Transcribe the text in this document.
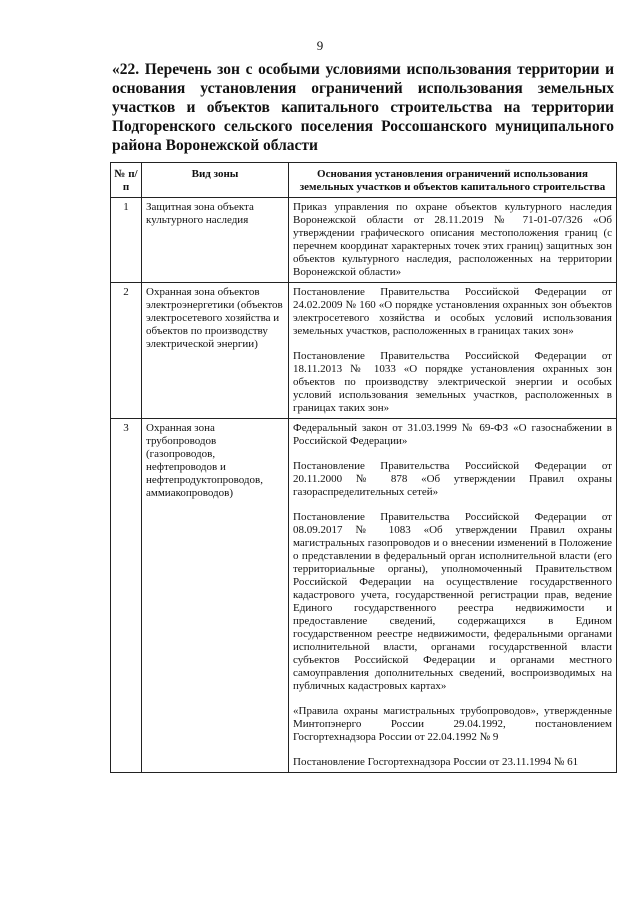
9
«22. Перечень зон с особыми условиями использования территории и основания установления ограничений использования земельных участков и объектов капитального строительства на территории Подгоренского сельского поселения Россошанского муниципального района Воронежской области
№ п/п	Вид зоны	Основания установления ограничений использования земельных участков и объектов капитального строительства
1	Защитная зона объекта культурного наследия	Приказ управления по охране объектов культурного наследия Воронежской области от 28.11.2019 № 71-01-07/326 «Об утверждении графического описания местоположения границ (с перечнем координат характерных точек этих границ) защитных зон объектов культурного наследия, расположенных на территории Воронежской области»

2	Охранная зона объектов электроэнергетики (объектов электросетевого хозяйства и объектов по производству электрической энергии)	Постановление Правительства Российской Федерации от 24.02.2009 № 160 «О порядке установления охранных зон объектов электросетевого хозяйства и особых условий использования земельных участков, расположенных в границах таких зон»

Постановление Правительства Российской Федерации от 18.11.2013 № 1033 «О порядке установления охранных зон объектов по производству электрической энергии и особых условий использования земельных участков, расположенных в границах таких зон»

3	Охранная зона трубопроводов (газопроводов, нефтепроводов и нефтепродуктопроводов, аммиакопроводов)	Федеральный закон от 31.03.1999 № 69-ФЗ «О газоснабжении в Российской Федерации»

Постановление Правительства Российской Федерации от 20.11.2000 № 878 «Об утверждении Правил охраны газораспределительных сетей»

Постановление Правительства Российской Федерации от 08.09.2017 № 1083 «Об утверждении Правил охраны магистральных газопроводов и о внесении изменений в Положение о представлении в федеральный орган исполнительной власти (его территориальные органы), уполномоченный Правительством Российской Федерации на осуществление государственного кадастрового учета, государственной регистрации прав, ведение Единого государственного реестра недвижимости и предоставление сведений, содержащихся в Едином государственном реестре недвижимости, федеральными органами исполнительной власти, органами государственной власти субъектов Российской Федерации и органами местного самоуправления дополнительных сведений, воспроизводимых на публичных кадастровых картах»

«Правила охраны магистральных трубопроводов», утвержденные Минтопэнерго России 29.04.1992, постановлением Госгортехнадзора России от 22.04.1992 № 9

Постановление Госгортехнадзора России от 23.11.1994 № 61
